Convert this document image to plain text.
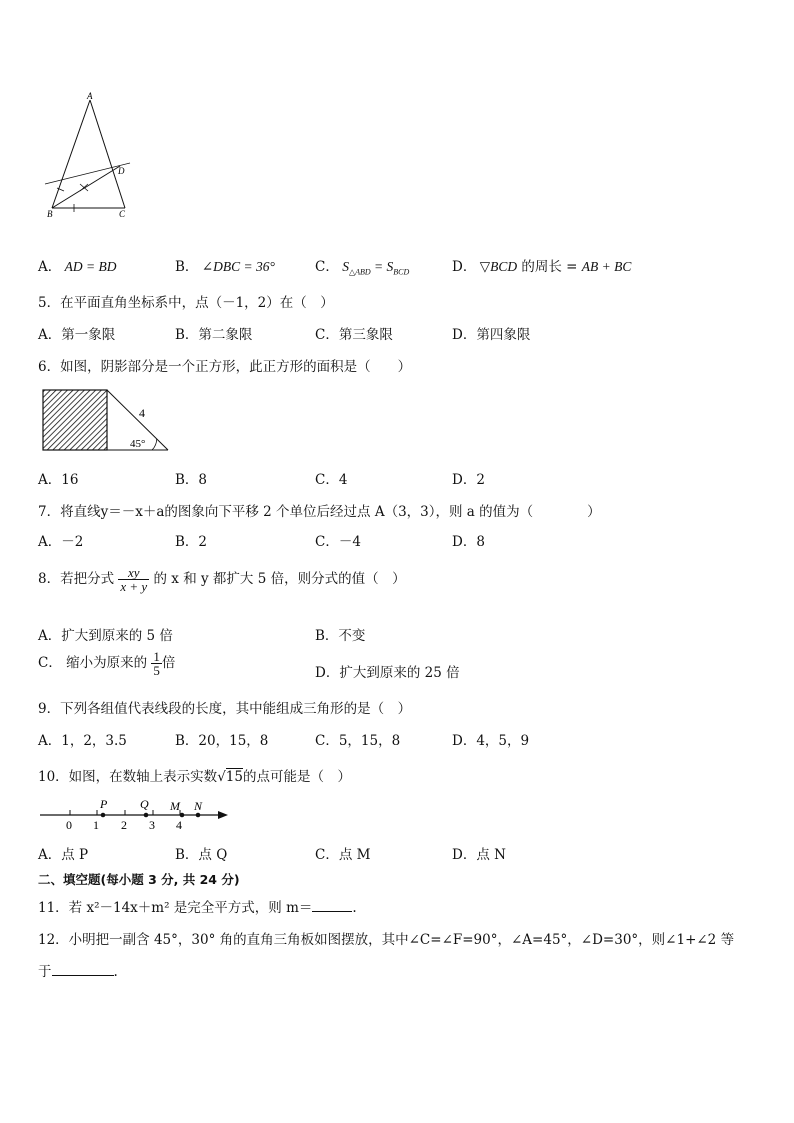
A
D
B	C
A． AD = BD	B． ∠DBC = 36°	C． $S_{\triangle ABD} = S_{BCD}$	D． ▽BCD 的周长 = AB + BC
5．在平面直角坐标系中，点（－1，2）在（　）
A．第一象限	B．第二象限	C．第三象限	D．第四象限
6．如图，阴影部分是一个正方形，此正方形的面积是（　　）
4
45°
A．16	B．8	C．4	D．2
7．将直线y＝－x＋a的图象向下平移 2 个单位后经过点 A（3，3），则 a 的值为（　　　　）
A．－2	B．2	C．－4	D．8
8．若把分式 $\frac{xy}{x + y}$ 的 x 和 y 都扩大 5 倍，则分式的值（　）
A．扩大到原来的 5 倍	B．不变
C． 缩小为原来的 $\frac{1}{5}$ 倍
D．扩大到原来的 25 倍
9．下列各组值代表线段的长度，其中能组成三角形的是（　）
A．1，2，3.5	B．20，15，8	C．5，15，8	D．4，5，9
10．如图，在数轴上表示实数√15的点可能是（　）
0 1 2 3 4
P	Q M N
A．点 P	B．点 Q	C．点 M	D．点 N
二、填空题(每小题 3 分, 共 24 分)
11．若 x²－14x＋m² 是完全平方式，则 m＝	.
12．小明把一副含 45°，30° 角的直角三角板如图摆放，其中∠C=∠F=90°，∠A=45°，∠D=30°，则∠1+∠2 等
于	.
